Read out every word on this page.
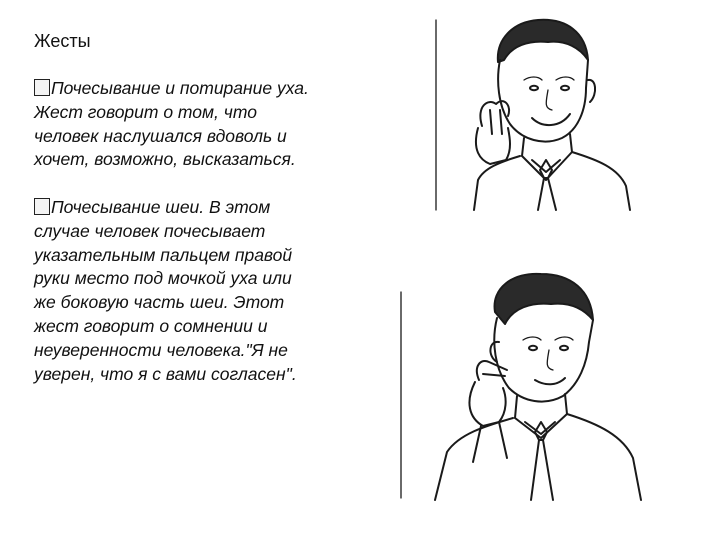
Жесты
Почесывание и потирание уха.
Жест говорит о том, что
человек наслушался вдоволь и
хочет, возможно, высказаться.
Почесывание шеи. В этом
случае человек почесывает
указательным пальцем правой
руки место под мочкой уха или
же боковую часть шеи. Этот
жест говорит о сомнении и
неуверенности человека."Я не
уверен, что я с вами согласен".
